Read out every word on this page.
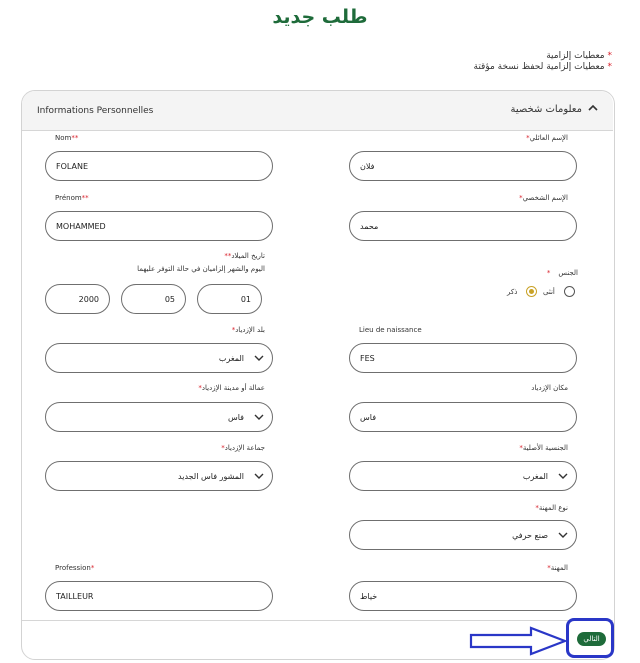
طلب جديد
* معطيات إلزامية
* معطيات إلزامية لحفظ نسخة مؤقتة
Informations Personnelles	معلومات شخصية
Nom**	الإسم العائلي*
FOLANE	فلان
Prénom**	الإسم الشخصي*
MOHAMMED	محمد
تاريخ الميلاد**
اليوم والشهر إلزاميان في حالة التوفر عليهما
2000	05	01
الجنس*
أنثى
ذكر
بلد الإزدياد*	Lieu de naissance
المغرب	FES
عمالة أو مدينة الإزدياد*	مكان الإزدياد
فاس	فاس
جماعة الإزدياد*	الجنسية الأصلية*
المشور فاس الجديد	المغرب
نوع المهنة*
صنع حرفي
Profession*	المهنة*
TAILLEUR	خياط
التالي
